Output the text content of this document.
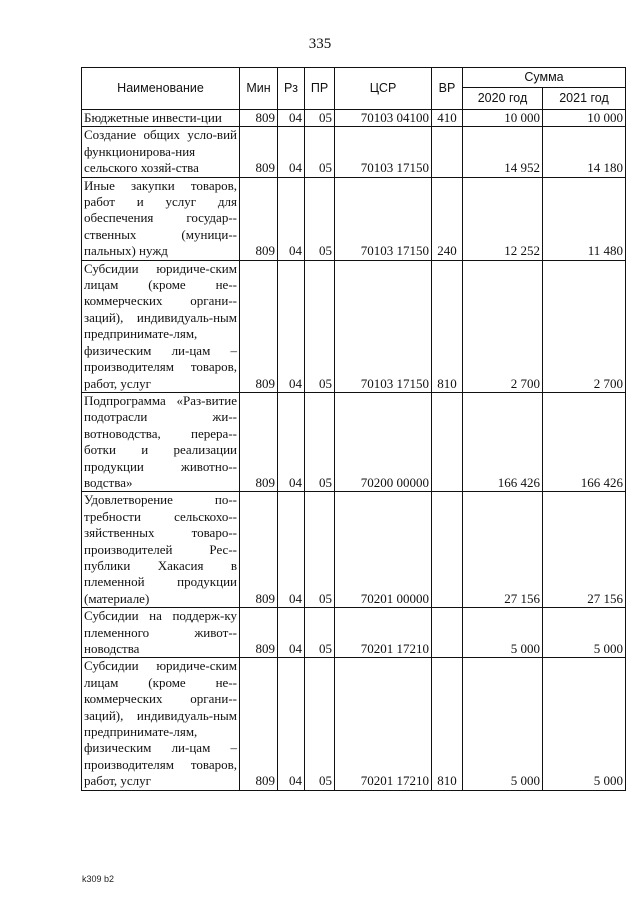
335
Наименование	Мин	Рз	ПР	ЦСР	ВР	Сумма	
						2020 год	2021 год
Бюджетные инвести-ции	809	04	05	70103 04100	410	10 000	10 000
Создание общих усло-вий функционирова-ния сельского хозяй-ства	809	04	05	70103 17150		14 952	14 180
Иные закупки товаров, работ и услуг для обеспечения государ-ственных (муници-пальных) нужд	809	04	05	70103 17150	240	12 252	11 480
Субсидии юридиче-ским лицам (кроме не-коммерческих органи-заций), индивидуаль-ным предпринимате-лям, физическим ли-цам – производителям товаров, работ, услуг	809	04	05	70103 17150	810	2 700	2 700
Подпрограмма «Раз-витие подотрасли жи-вотноводства, перера-ботки и реализации продукции животно-водства»	809	04	05	70200 00000		166 426	166 426
Удовлетворение по-требности сельскохо-зяйственных товаро-производителей Рес-публики Хакасия в племенной продукции (материале)	809	04	05	70201 00000		27 156	27 156
Субсидии на поддерж-ку племенного живот-новодства	809	04	05	70201 17210		5 000	5 000
Субсидии юридиче-ским лицам (кроме не-коммерческих органи-заций), индивидуаль-ным предпринимате-лям, физическим ли-цам – производителям товаров, работ, услуг	809	04	05	70201 17210	810	5 000	5 000
k309 b2
